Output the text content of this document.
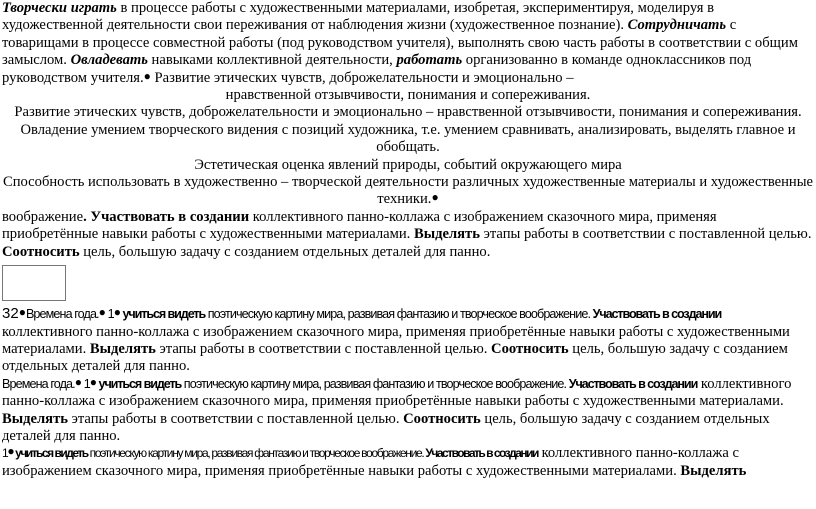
Творчески играть в процессе работы с художественными материалами, изобретая, экспериментируя, моделируя в художественной деятельности свои переживания от наблюдения жизни (художественное познание). Сотрудничать с товарищами в процессе совместной работы (под руководством учителя), выполнять свою часть работы в соответствии с общим замыслом. Овладевать навыками коллективной деятельности, работать организованно в команде одноклассников под руководством учителя.● Развитие этических чувств, доброжелательности и эмоционально –

нравственной отзывчивости, понимания и сопереживания.

Развитие этических чувств, доброжелательности и эмоционально – нравственной отзывчивости, понимания и сопереживания.

Овладение умением творческого видения с позиций художника, т.е. умением сравнивать, анализировать, выделять главное и обобщать.

Эстетическая оценка явлений природы, событий окружающего мира

Способность использовать в художественно – творческой деятельности различных художественные материалы и художественные техники.●

воображение. Участвовать в создании коллективного панно-коллажа с изображением сказочного мира, применяя приобретённые навыки работы с художественными материалами. Выделять этапы работы в соответствии с поставленной целью. Соотносить цель, большую задачу с созданием отдельных деталей для панно.

32●Времена года.● 1● учиться видеть поэтическую картину мира, развивая фантазию и творческое воображение. Участвовать в создании коллективного панно-коллажа с изображением сказочного мира, применяя приобретённые навыки работы с художественными материалами. Выделять этапы работы в соответствии с поставленной целью. Соотносить цель, большую задачу с созданием отдельных деталей для панно.

Времена года.● 1● учиться видеть поэтическую картину мира, развивая фантазию и творческое воображение. Участвовать в создании коллективного панно-коллажа с изображением сказочного мира, применяя приобретённые навыки работы с художественными материалами. Выделять этапы работы в соответствии с поставленной целью. Соотносить цель, большую задачу с созданием отдельных деталей для панно.

1● учиться видеть поэтическую картину мира, развивая фантазию и творческое воображение. Участвовать в создании коллективного панно-коллажа с изображением сказочного мира, применяя приобретённые навыки работы с художественными материалами. Выделять
